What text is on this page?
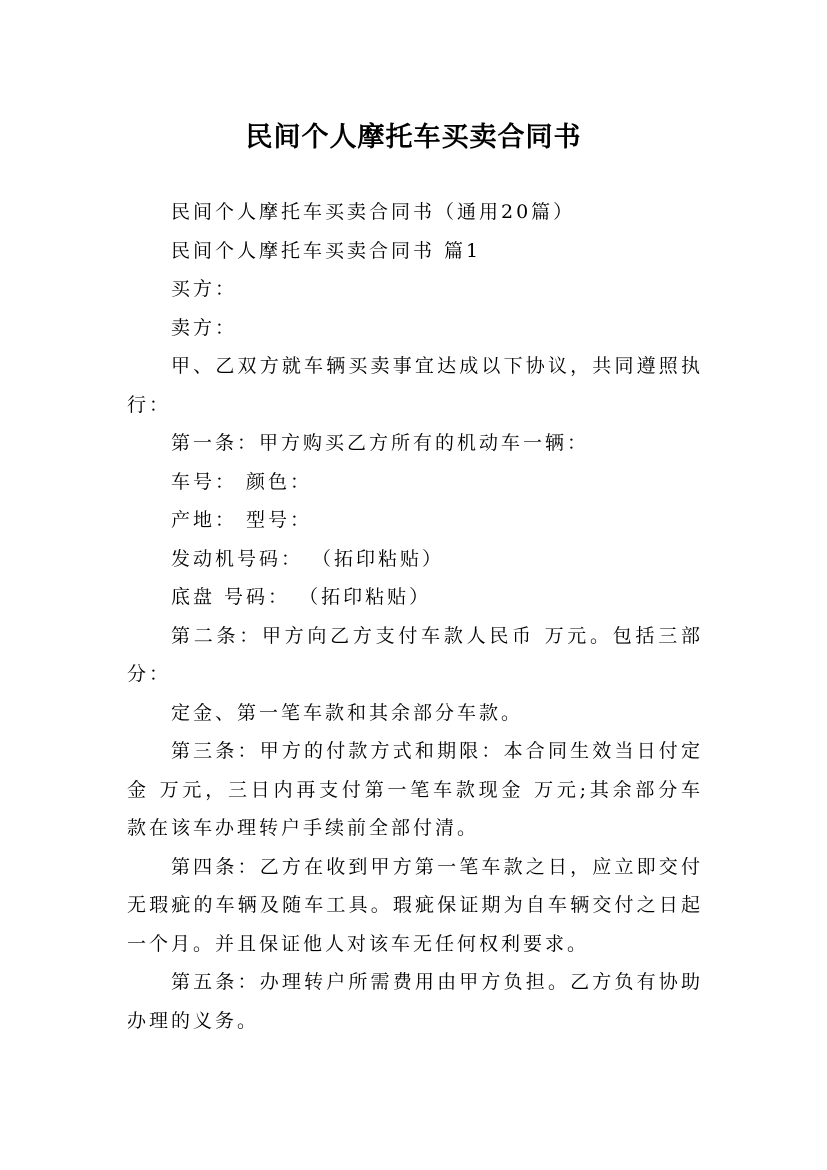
民间个人摩托车买卖合同书

民间个人摩托车买卖合同书（通用20篇）

民间个人摩托车买卖合同书 篇1

买方：

卖方：

甲、乙双方就车辆买卖事宜达成以下协议，共同遵照执行：

第一条：甲方购买乙方所有的机动车一辆：

车号： 颜色：

产地： 型号：

发动机号码： （拓印粘贴）

底盘 号码： （拓印粘贴）

第二条：甲方向乙方支付车款人民币 万元。包括三部分：

定金、第一笔车款和其余部分车款。

第三条：甲方的付款方式和期限：本合同生效当日付定金 万元，三日内再支付第一笔车款现金 万元;其余部分车款在该车办理转户手续前全部付清。

第四条：乙方在收到甲方第一笔车款之日，应立即交付无瑕疵的车辆及随车工具。瑕疵保证期为自车辆交付之日起一个月。并且保证他人对该车无任何权利要求。

第五条：办理转户所需费用由甲方负担。乙方负有协助办理的义务。
